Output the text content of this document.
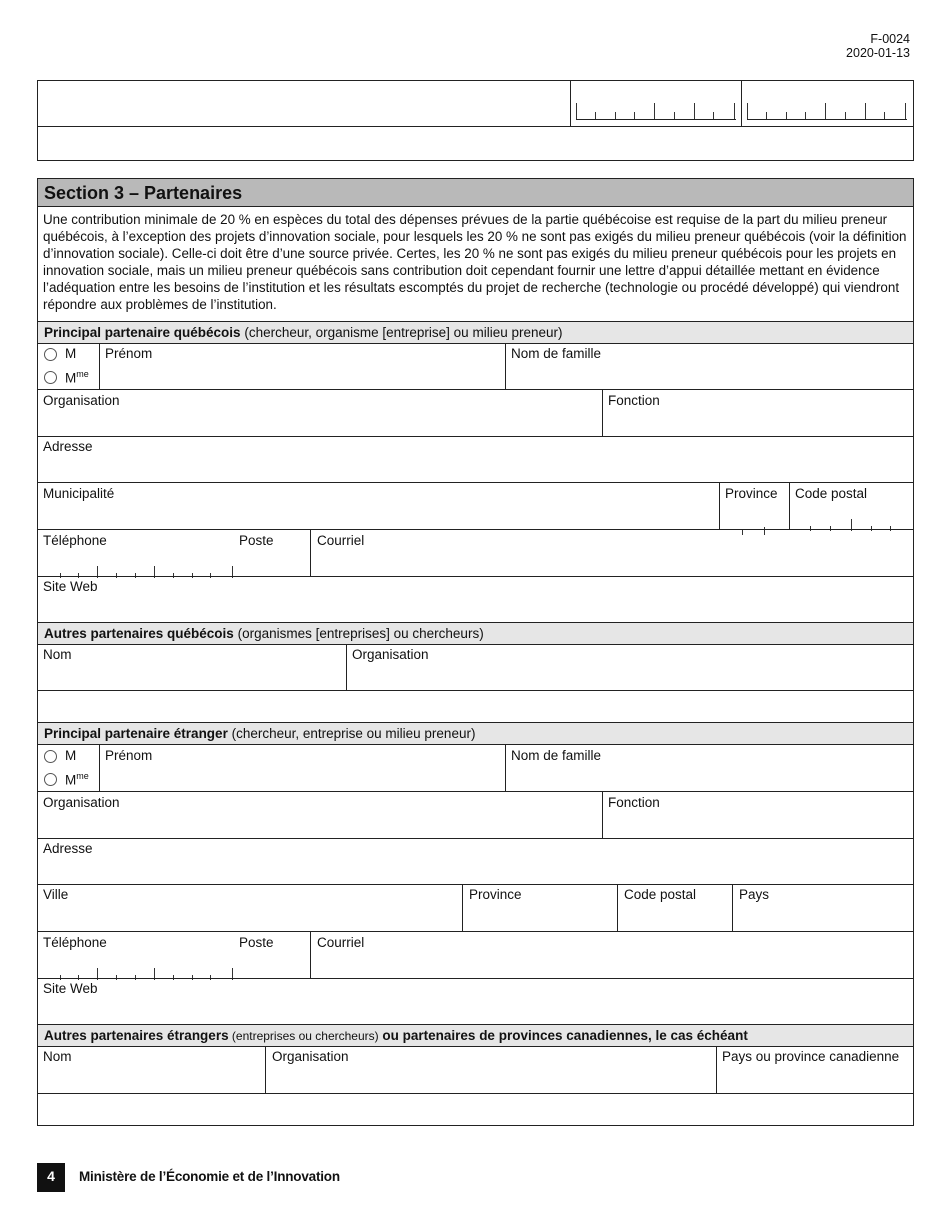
F-0024
2020-01-13
Section 3 – Partenaires
Une contribution minimale de 20 % en espèces du total des dépenses prévues de la partie québécoise est requise de la part du milieu preneur québécois, à l’exception des projets d’innovation sociale, pour lesquels les 20 % ne sont pas exigés du milieu preneur québécois (voir la définition d’innovation sociale). Celle-ci doit être d’une source privée. Certes, les 20 % ne sont pas exigés du milieu preneur québécois pour les projets en innovation sociale, mais un milieu preneur québécois sans contribution doit cependant fournir une lettre d’appui détaillée mettant en évidence l’adéquation entre les besoins de l’institution et les résultats escomptés du projet de recherche (technologie ou procédé développé) qui viendront répondre aux problèmes de l’institution.
Principal partenaire québécois (chercheur, organisme [entreprise] ou milieu preneur)
M
$M^{me}$
Prénom	Nom de famille
Organisation	Fonction
Adresse
Municipalité	Province Code postal
Téléphone	Poste	Courriel
Site Web
Autres partenaires québécois (organismes [entreprises] ou chercheurs)
Nom	Organisation
Principal partenaire étranger (chercheur, entreprise ou milieu preneur)
M
$M^{me}$
Prénom	Nom de famille
Organisation	Fonction
Adresse
Ville	Province	Code postal	Pays
Téléphone	Poste	Courriel
Site Web
Autres partenaires étrangers (entreprises ou chercheurs) ou partenaires de provinces canadiennes, le cas échéant
Nom	Organisation	Pays ou province canadienne
4	Ministère de l’Économie et de l’Innovation
